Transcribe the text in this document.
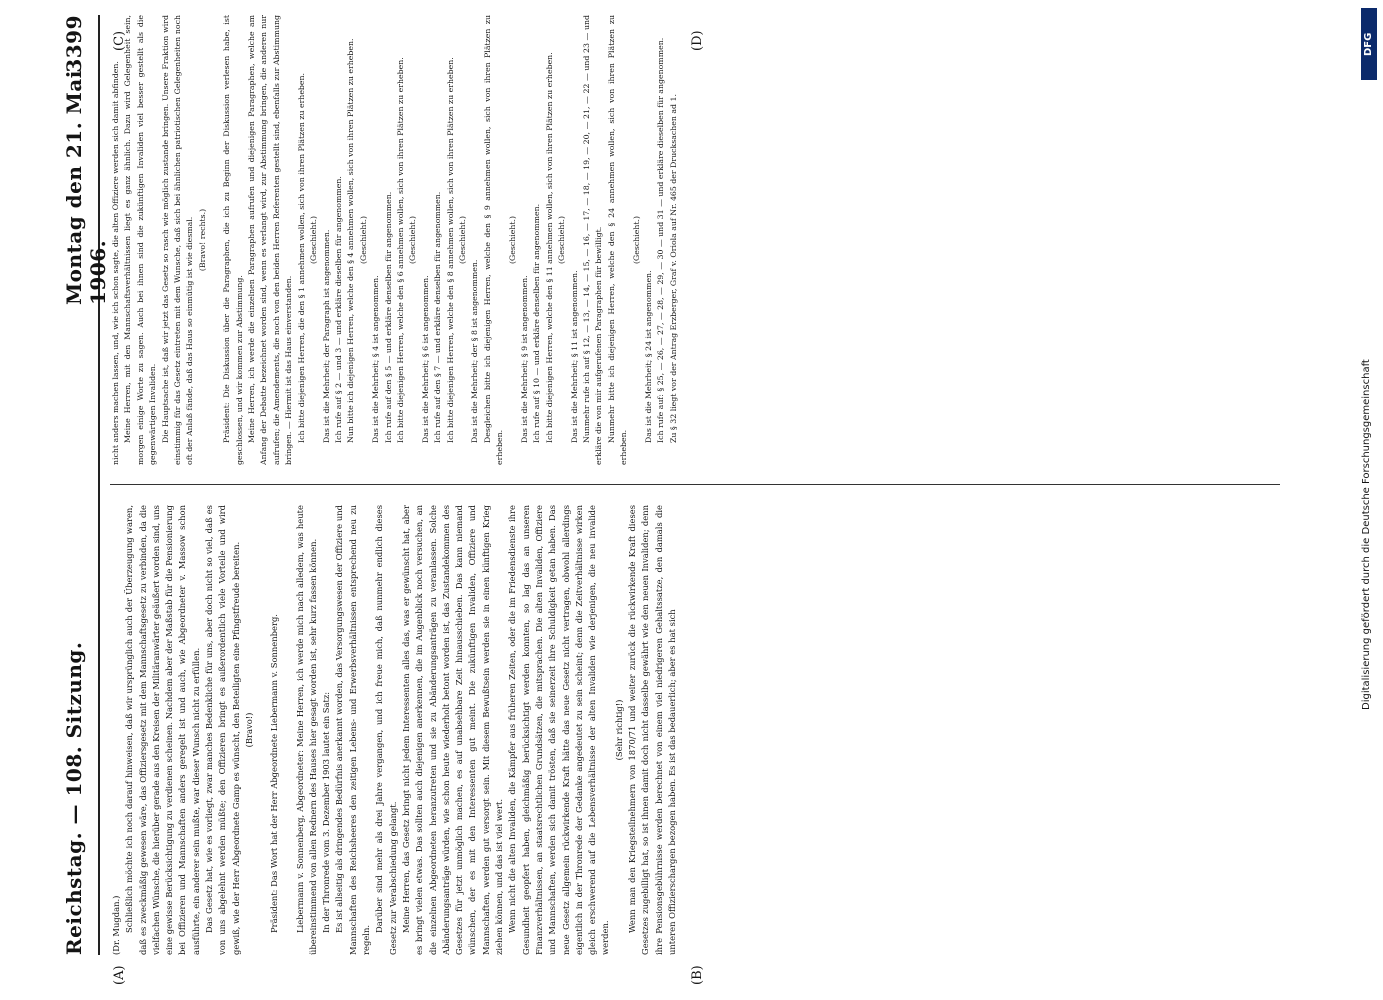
Reichstag. — 108. Sitzung.
Montag den 21. Mai 1906.
3399

(Dr. Mugdan.) Schließlich möchte ich noch darauf hinweisen, daß wir ursprünglich auch der Überzeugung waren, daß es zweckmäßig gewesen wäre, das Offiziersgesetz mit dem Mannschaftsgesetz zu verbinden, da die vielfachen Wünsche, die hierüber gerade aus den Kreisen der Militäranwärter geäußert worden sind, uns eine gewisse Berücksichtigung zu verdienen scheinen. Nachdem aber der Maßstab für die Pensionierung bei Offizieren und Mannschaften anders geregelt ist und auch, wie Abgeordneter v. Massow schon ausführte, ein anderer sein mußte, war dieser Wunsch nicht zu erfüllen. Das Gesetz hat, wie es vorliegt, zwar manches Bedenkliche für uns, aber doch nicht so viel, daß es von uns abgelehnt werden müßte; den Offizieren bringt es außerordentlich viele Vorteile und wird gewiß, wie der Herr Abgeordnete Gamp es wünscht, den Beteiligten eine Pfingstfreude bereiten. (Bravo!) Präsident: Das Wort hat der Herr Abgeordnete Liebermann v. Sonnenberg. Liebermann v. Sonnenberg, Abgeordneter: Meine Herren, ich werde mich nach alledem, was heute übereinstimmend von allen Rednern des Hauses hier gesagt worden ist, sehr kurz fassen können. In der Thronrede vom 3. Dezember 1903 lautet ein Satz: Es ist allseitig als dringendes Bedürfnis anerkannt worden, das Versorgungswesen der Offiziere und Mannschaften des Reichsheeres den zeitigen Lebens- und Erwerbsverhältnissen entsprechend neu zu regeln.

Darüber sind mehr als drei Jahre vergangen, und ich freue mich, daß nunmehr endlich dieses Gesetz zur Verabschiedung gelangt. Meine Herren, das Gesetz bringt nicht jedem Interessenten alles das, was er gewünscht hat, aber es bringt vielen etwas. Das sollten auch diejenigen anerkennen, die im Augenblick noch versuchen, an die einzelnen Abgeordneten heranzutreten und sie zu Abänderungsanträgen zu veranlassen. Solche Abänderungsanträge würden, wie schon heute wiederholt betont worden ist, das Zustandekommen des Gesetzes für jetzt unmöglich machen, es auf unabsehbare Zeit hinausschieben. Das kann niemand wünschen, der es mit den Interessenten gut meint. Die zukünftigen Invaliden, Offiziere und Mannschaften, werden gut versorgt sein. Mit diesem Bewußtsein werden sie in einen künftigen Krieg ziehen können, und das ist viel wert. Wenn nicht die alten Invaliden, die Kämpfer aus früheren Zeiten, oder die im Friedensdienste ihre Gesundheit geopfert haben, gleichmäßig berücksichtigt werden konnten, so lag das an unseren Finanzverhältnissen, an staatsrechtlichen Grundsätzen, die mitsprachen. Die alten Invaliden, Offiziere und Mannschaften, werden sich damit trösten, daß sie seinerzeit ihre Schuldigkeit getan haben. Das neue Gesetz allgemein rückwirkende Kraft hätte das neue Gesetz nicht vertragen, obwohl allerdings eigentlich in der Thronrede der Gedanke angedeutet zu sein scheint; denn die Zeitverhältnisse wirken gleich erschwerend auf die Lebensverhältnisse der alten Invaliden wie derjenigen, die neu invalide werden.

(Sehr richtig!) Wenn man den Kriegsteilnehmern von 1870/71 und weiter zurück die rückwirkende Kraft dieses Gesetzes zugebilligt hat, so ist ihnen damit doch nicht dasselbe gewährt wie den neuen Invaliden; denn ihre Pensionsgebührnisse werden berechnet von einem viel niedrigeren Gehaltssatze, den damals die unteren Offizierschargen bezogen haben. Es ist das bedauerlich; aber es hat sich

nicht anders machen lassen, und, wie ich schon sagte, die alten Offiziere werden sich damit abfinden. Meine Herren, mit den Mannschaftsverhältnissen liegt es ganz ähnlich. Dazu wird Gelegenheit sein, morgen einige Worte zu sagen. Auch bei ihnen sind die zukünftigen Invaliden viel besser gestellt als die gegenwärtigen Invaliden. Die Hauptsache ist, daß wir jetzt das Gesetz so rasch wie möglich zustande bringen. Unsere Fraktion wird einstimmig für das Gesetz eintreten mit dem Wunsche, daß sich bei ähnlichen patriotischen Gelegenheiten noch oft der Anlaß fände, daß das Haus so einmütig ist wie diesmal. (Bravo! rechts.)	Präsident: Die Diskussion über die Paragraphen, die ich zu Beginn der Diskussion verlesen habe, ist geschlossen, und wir kommen zur Abstimmung. Meine Herren, ich werde die einzelnen Paragraphen aufrufen und diejenigen Paragraphen, welche am Anfang der Debatte bezeichnet worden sind, wenn es verlangt wird, zur Abstimmung bringen, die anderen nur aufrufen; die Amendements, die noch von den beiden Herren Referenten gestellt sind, ebenfalls zur Abstimmung bringen. — Hiermit ist das Haus einverstanden. Ich bitte diejenigen Herren, die den § 1 annehmen wollen, sich von ihren Plätzen zu erheben. (Geschieht.) Das ist die Mehrheit; der Paragraph ist angenommen. Ich rufe auf § 2 — und 3 — und erkläre dieselben für angenommen. Nun bitte ich diejenigen Herren, welche den § 4 annehmen wollen, sich von ihren Plätzen zu erheben. (Geschieht.)

Das ist die Mehrheit; § 4 ist angenommen. Ich rufe auf den § 5 — und erkläre denselben für angenommen. Ich bitte diejenigen Herren, welche den § 6 annehmen wollen, sich von ihren Plätzen zu erheben. (Geschieht.)

Das ist die Mehrheit; § 6 ist angenommen. Ich rufe auf den § 7 — und erkläre denselben für angenommen. Ich bitte diejenigen Herren, welche den § 8 annehmen wollen, sich von ihren Plätzen zu erheben. (Geschieht.)

Das ist die Mehrheit; der § 8 ist angenommen. Desgleichen bitte ich diejenigen Herren, welche den § 9 annehmen wollen, sich von ihren Plätzen zu erheben.

(Geschieht.)

Das ist die Mehrheit; § 9 ist angenommen. Ich rufe auf § 10 — und erkläre denselben für angenommen. Ich bitte diejenigen Herren, welche den § 11 annehmen wollen, sich von ihren Plätzen zu erheben. (Geschieht.)

Das ist die Mehrheit; § 11 ist angenommen. Nunmehr rufe ich auf § 12, — 13, — 14, — 15, — 16, — 17, — 18, — 19, — 20, — 21, — 22 — und 23 — und erkläre die von mir aufgerufenen Paragraphen für bewilligt. Nunmehr bitte ich diejenigen Herren, welche den § 24 annehmen wollen, sich von ihren Plätzen zu erheben.

(Geschieht.)

Das ist die Mehrheit; § 24 ist angenommen. Ich rufe auf: § 25, — 26, — 27, — 28, — 29, — 30 — und 31 — und erkläre dieselben für angenommen. Zu § 32 liegt vor der Antrag Erzberger, Graf v. Oriola auf Nr. 465 der Drucksachen ad 1.

(A)	(B)
(C)	(D)	DFG
Digitalisierung gefördert durch die Deutsche Forschungsgemeinschaft
